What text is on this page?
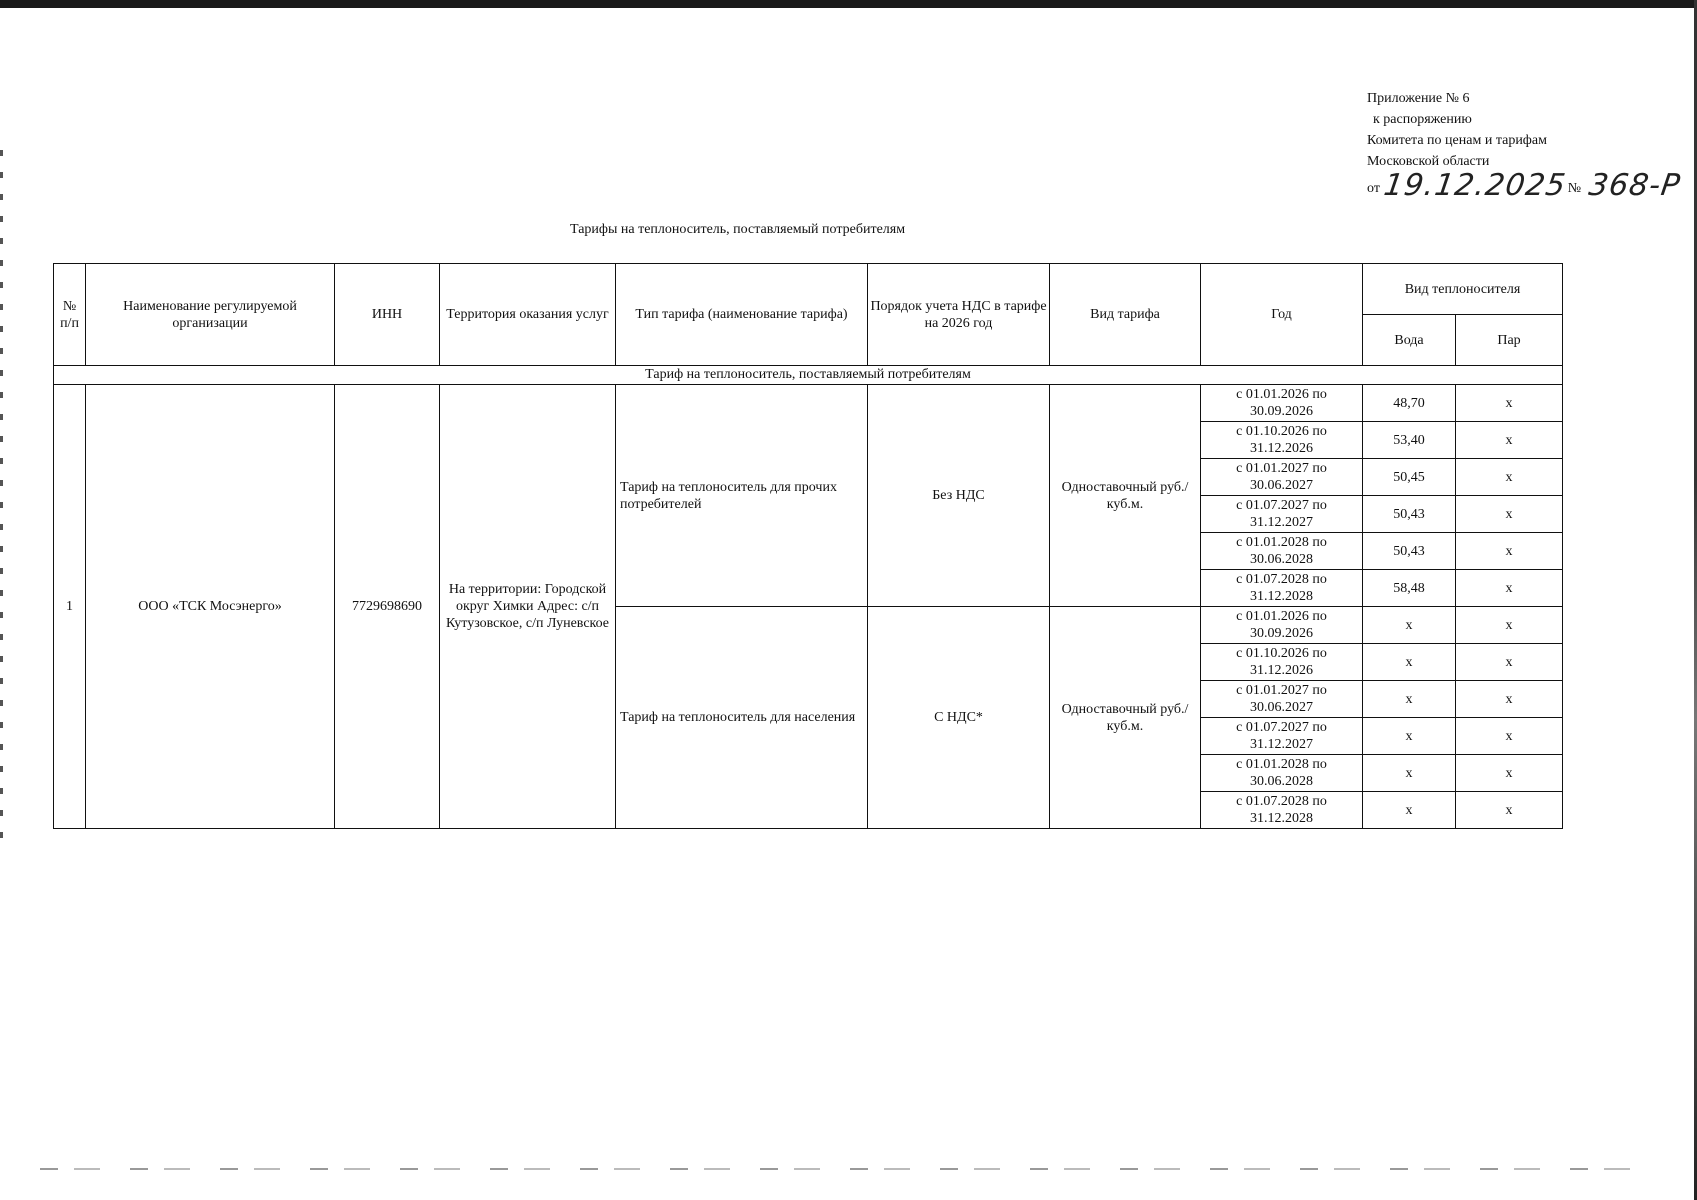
Приложение № 6
к распоряжению
Комитета по ценам и тарифам
Московской области
от 19.12.2025 № 368-Р
Тарифы на теплоноситель, поставляемый потребителям
№ п/п	Наименование регулируемой организации	ИНН	Территория оказания услуг	Тип тарифа (наименование тарифа)	Порядок учета НДС в тарифе на 2026 год	Вид тарифа	Год	Вид теплоносителя	
								Вода	Пар
Тариф на теплоноситель, поставляемый потребителям									
1	ООО «ТСК Мосэнерго»	7729698690	На территории: Городской округ Химки Адрес: с/п Кутузовское, с/п Луневское	Тариф на теплоноситель для прочих потребителей	Без НДС	Одноставочный руб./куб.м.	с 01.01.2026 по 30.09.2026	48,70	х
							с 01.10.2026 по 31.12.2026	53,40	х
							с 01.01.2027 по 30.06.2027	50,45	х
							с 01.07.2027 по 31.12.2027	50,43	х
							с 01.01.2028 по 30.06.2028	50,43	х
							с 01.07.2028 по 31.12.2028	58,48	х
				Тариф на теплоноситель для населения	С НДС*	Одноставочный руб./куб.м.	с 01.01.2026 по 30.09.2026	х	х
							с 01.10.2026 по 31.12.2026	х	х
							с 01.01.2027 по 30.06.2027	х	х
							с 01.07.2027 по 31.12.2027	х	х
							с 01.01.2028 по 30.06.2028	х	х
							с 01.07.2028 по 31.12.2028	х	х
